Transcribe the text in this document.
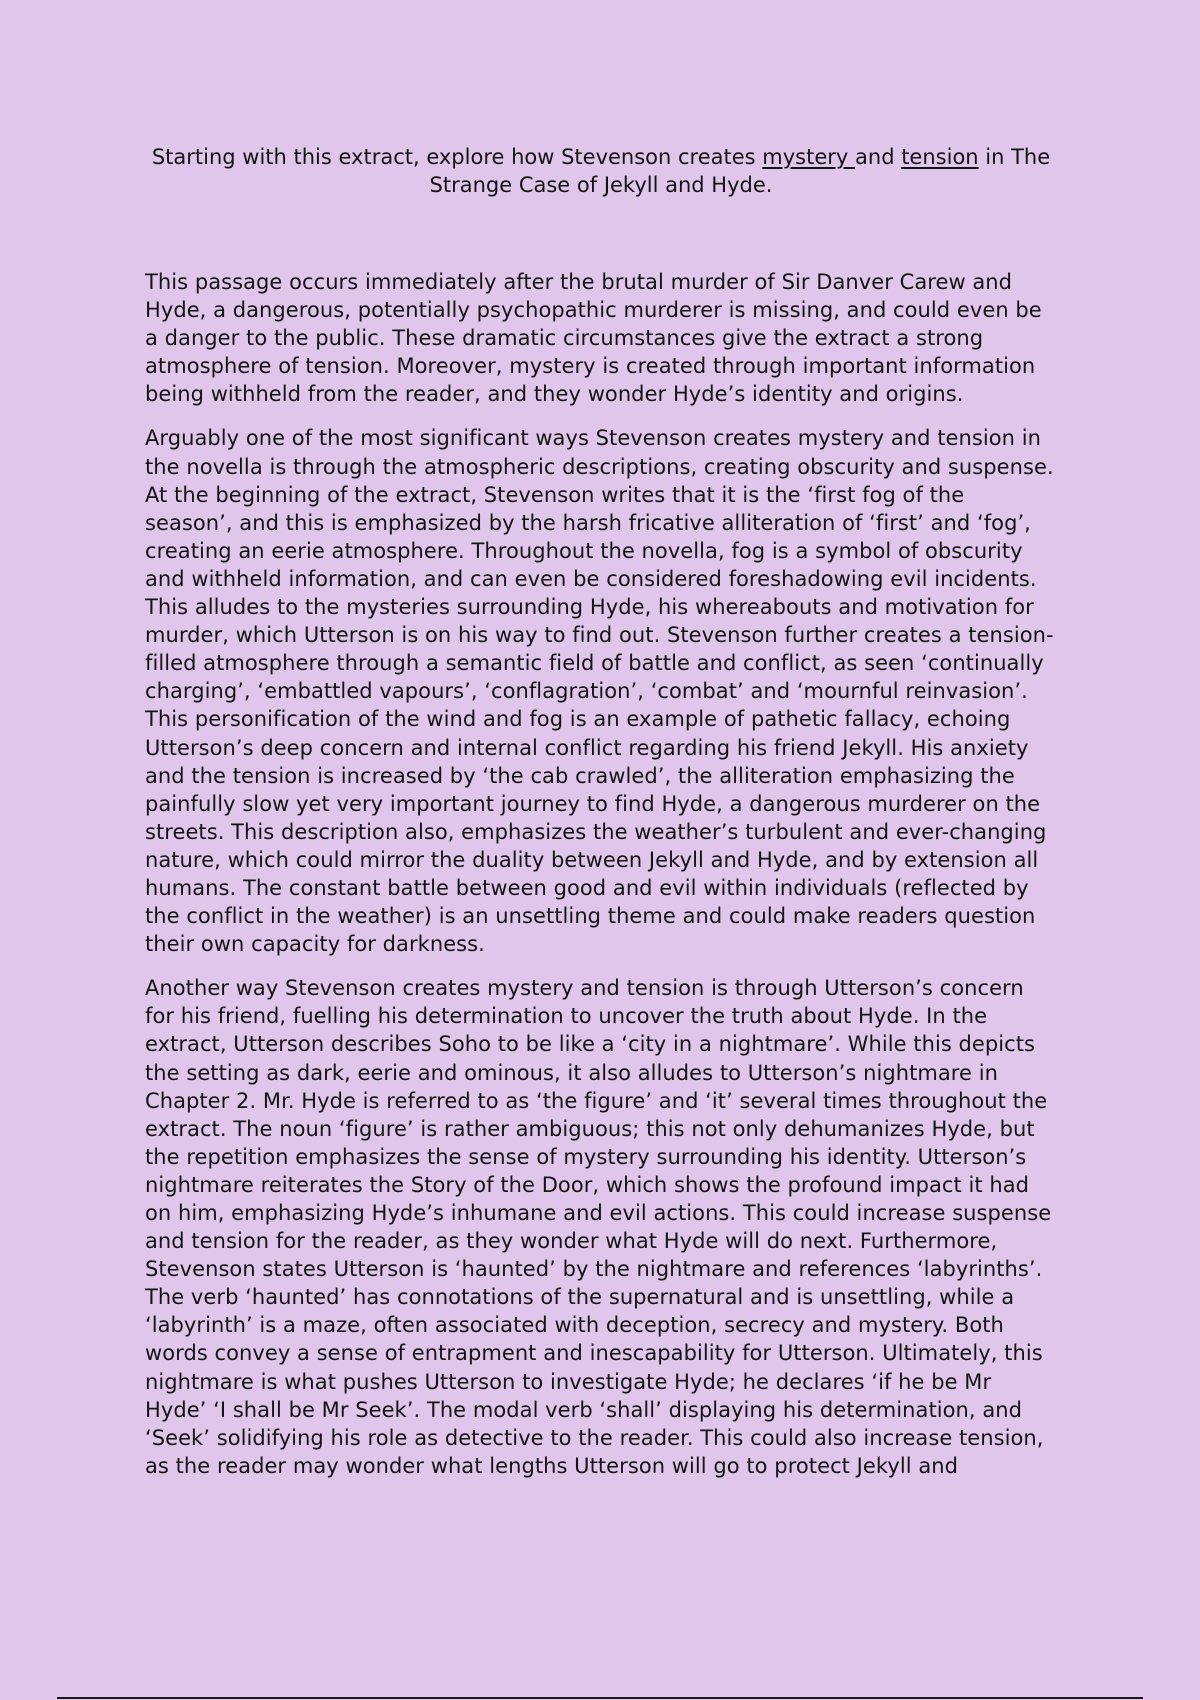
Starting with this extract, explore how Stevenson creates mystery and tension in The Strange Case of Jekyll and Hyde.

This passage occurs immediately after the brutal murder of Sir Danver Carew and Hyde, a dangerous, potentially psychopathic murderer is missing, and could even be a danger to the public. These dramatic circumstances give the extract a strong atmosphere of tension. Moreover, mystery is created through important information being withheld from the reader, and they wonder Hyde’s identity and origins.

Arguably one of the most significant ways Stevenson creates mystery and tension in the novella is through the atmospheric descriptions, creating obscurity and suspense. At the beginning of the extract, Stevenson writes that it is the ‘first fog of the season’, and this is emphasized by the harsh fricative alliteration of ‘first’ and ‘fog’, creating an eerie atmosphere. Throughout the novella, fog is a symbol of obscurity and withheld information, and can even be considered foreshadowing evil incidents. This alludes to the mysteries surrounding Hyde, his whereabouts and motivation for murder, which Utterson is on his way to find out. Stevenson further creates a tension-filled atmosphere through a semantic field of battle and conflict, as seen ‘continually charging’, ‘embattled vapours’, ‘conflagration’, ‘combat’ and ‘mournful reinvasion’. This personification of the wind and fog is an example of pathetic fallacy, echoing Utterson’s deep concern and internal conflict regarding his friend Jekyll. His anxiety and the tension is increased by ‘the cab crawled’, the alliteration emphasizing the painfully slow yet very important journey to find Hyde, a dangerous murderer on the streets. This description also, emphasizes the weather’s turbulent and ever-changing nature, which could mirror the duality between Jekyll and Hyde, and by extension all humans. The constant battle between good and evil within individuals (reflected by the conflict in the weather) is an unsettling theme and could make readers question their own capacity for darkness.

Another way Stevenson creates mystery and tension is through Utterson’s concern for his friend, fuelling his determination to uncover the truth about Hyde. In the extract, Utterson describes Soho to be like a ‘city in a nightmare’. While this depicts the setting as dark, eerie and ominous, it also alludes to Utterson’s nightmare in Chapter 2. Mr. Hyde is referred to as ‘the figure’ and ‘it’ several times throughout the extract. The noun ‘figure’ is rather ambiguous; this not only dehumanizes Hyde, but the repetition emphasizes the sense of mystery surrounding his identity. Utterson’s nightmare reiterates the Story of the Door, which shows the profound impact it had on him, emphasizing Hyde’s inhumane and evil actions. This could increase suspense and tension for the reader, as they wonder what Hyde will do next. Furthermore, Stevenson states Utterson is ‘haunted’ by the nightmare and references ‘labyrinths’. The verb ‘haunted’ has connotations of the supernatural and is unsettling, while a ‘labyrinth’ is a maze, often associated with deception, secrecy and mystery. Both words convey a sense of entrapment and inescapability for Utterson. Ultimately, this nightmare is what pushes Utterson to investigate Hyde; he declares ‘if he be Mr Hyde’ ‘I shall be Mr Seek’. The modal verb ‘shall’ displaying his determination, and ‘Seek’ solidifying his role as detective to the reader. This could also increase tension, as the reader may wonder what lengths Utterson will go to protect Jekyll and
